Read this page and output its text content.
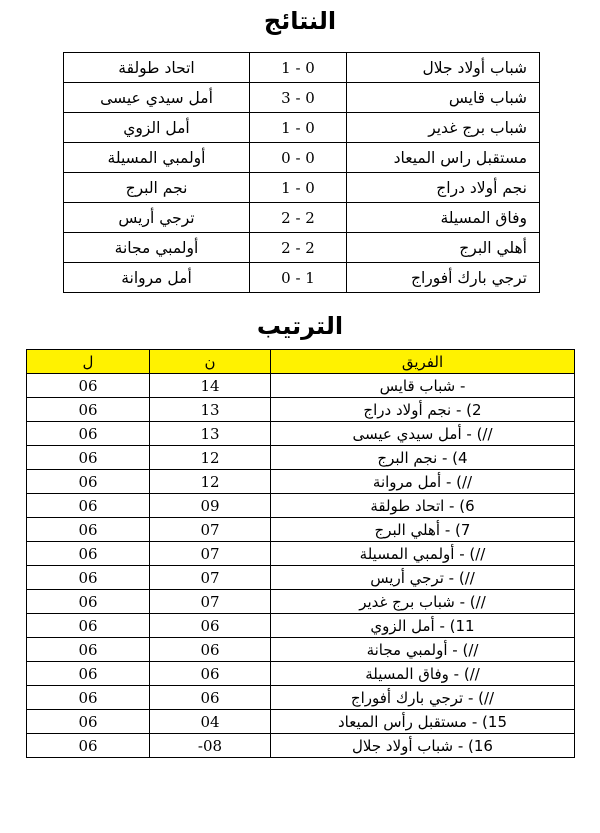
النتائج
شباب أولاد جلال	1 - 0	اتحاد طولقة
شباب قايس	3 - 0	أمل سيدي عيسى
شباب برج غدير	1 - 0	أمل الزوي
مستقبل راس الميعاد	0 - 0	أولمبي المسيلة
نجم أولاد دراج	1 - 0	نجم البرج
وفاق المسيلة	2 - 2	ترجي أريس
أهلي البرج	2 - 2	أولمبي مجانة
ترجي بارك أفوراج	0 - 1	أمل مروانة
الترتيب
الفريق	ن	ل
- شباب قايس	14	06
2) - نجم أولاد دراج	13	06
//) - أمل سيدي عيسى	13	06
4) - نجم البرج	12	06
//) - أمل مروانة	12	06
6) - اتحاد طولقة	09	06
7) - أهلي البرج	07	06
//) - أولمبي المسيلة	07	06
//) - ترجي أريس	07	06
//) - شباب برج غدير	07	06
11) - أمل الزوي	06	06
//) - أولمبي مجانة	06	06
//) - وفاق المسيلة	06	06
//) - ترجي بارك أفوراج	06	06
15) - مستقبل رأس الميعاد	04	06
16) - شباب أولاد جلال	-08	06
